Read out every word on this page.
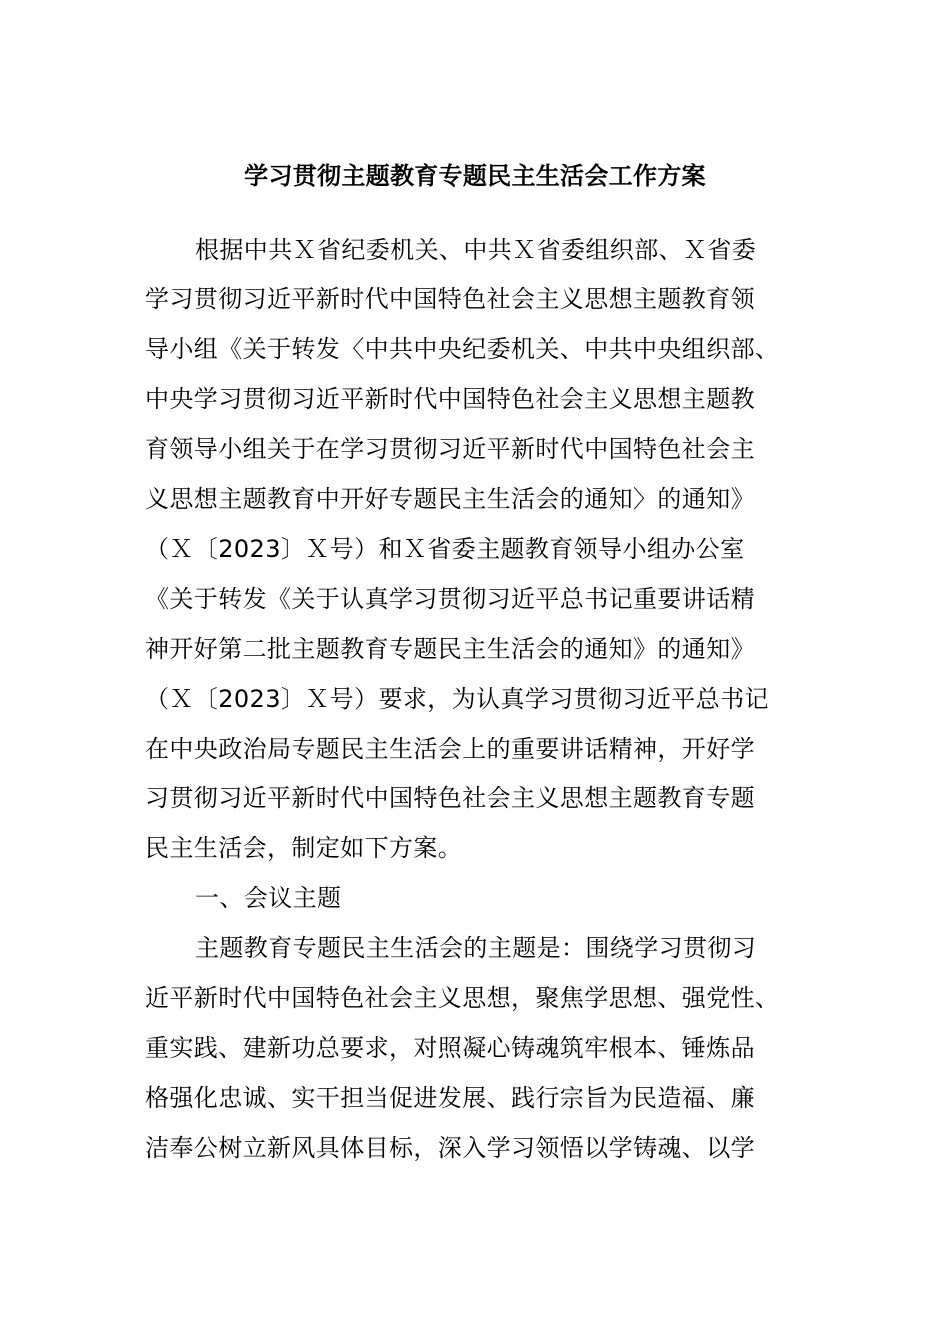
学习贯彻主题教育专题民主生活会工作方案
根据中共Ｘ省纪委机关、中共Ｘ省委组织部、Ｘ省委
学习贯彻习近平新时代中国特色社会主义思想主题教育领
导小组《关于转发〈中共中央纪委机关、中共中央组织部、
中央学习贯彻习近平新时代中国特色社会主义思想主题教
育领导小组关于在学习贯彻习近平新时代中国特色社会主
义思想主题教育中开好专题民主生活会的通知〉的通知》
（Ｘ〔2023〕Ｘ号）和Ｘ省委主题教育领导小组办公室
《关于转发《关于认真学习贯彻习近平总书记重要讲话精
神开好第二批主题教育专题民主生活会的通知》的通知》
（Ｘ〔2023〕Ｘ号）要求，为认真学习贯彻习近平总书记
在中央政治局专题民主生活会上的重要讲话精神，开好学
习贯彻习近平新时代中国特色社会主义思想主题教育专题
民主生活会，制定如下方案。
一、会议主题
主题教育专题民主生活会的主题是：围绕学习贯彻习
近平新时代中国特色社会主义思想，聚焦学思想、强党性、
重实践、建新功总要求，对照凝心铸魂筑牢根本、锤炼品
格强化忠诚、实干担当促进发展、践行宗旨为民造福、廉
洁奉公树立新风具体目标，深入学习领悟以学铸魂、以学
